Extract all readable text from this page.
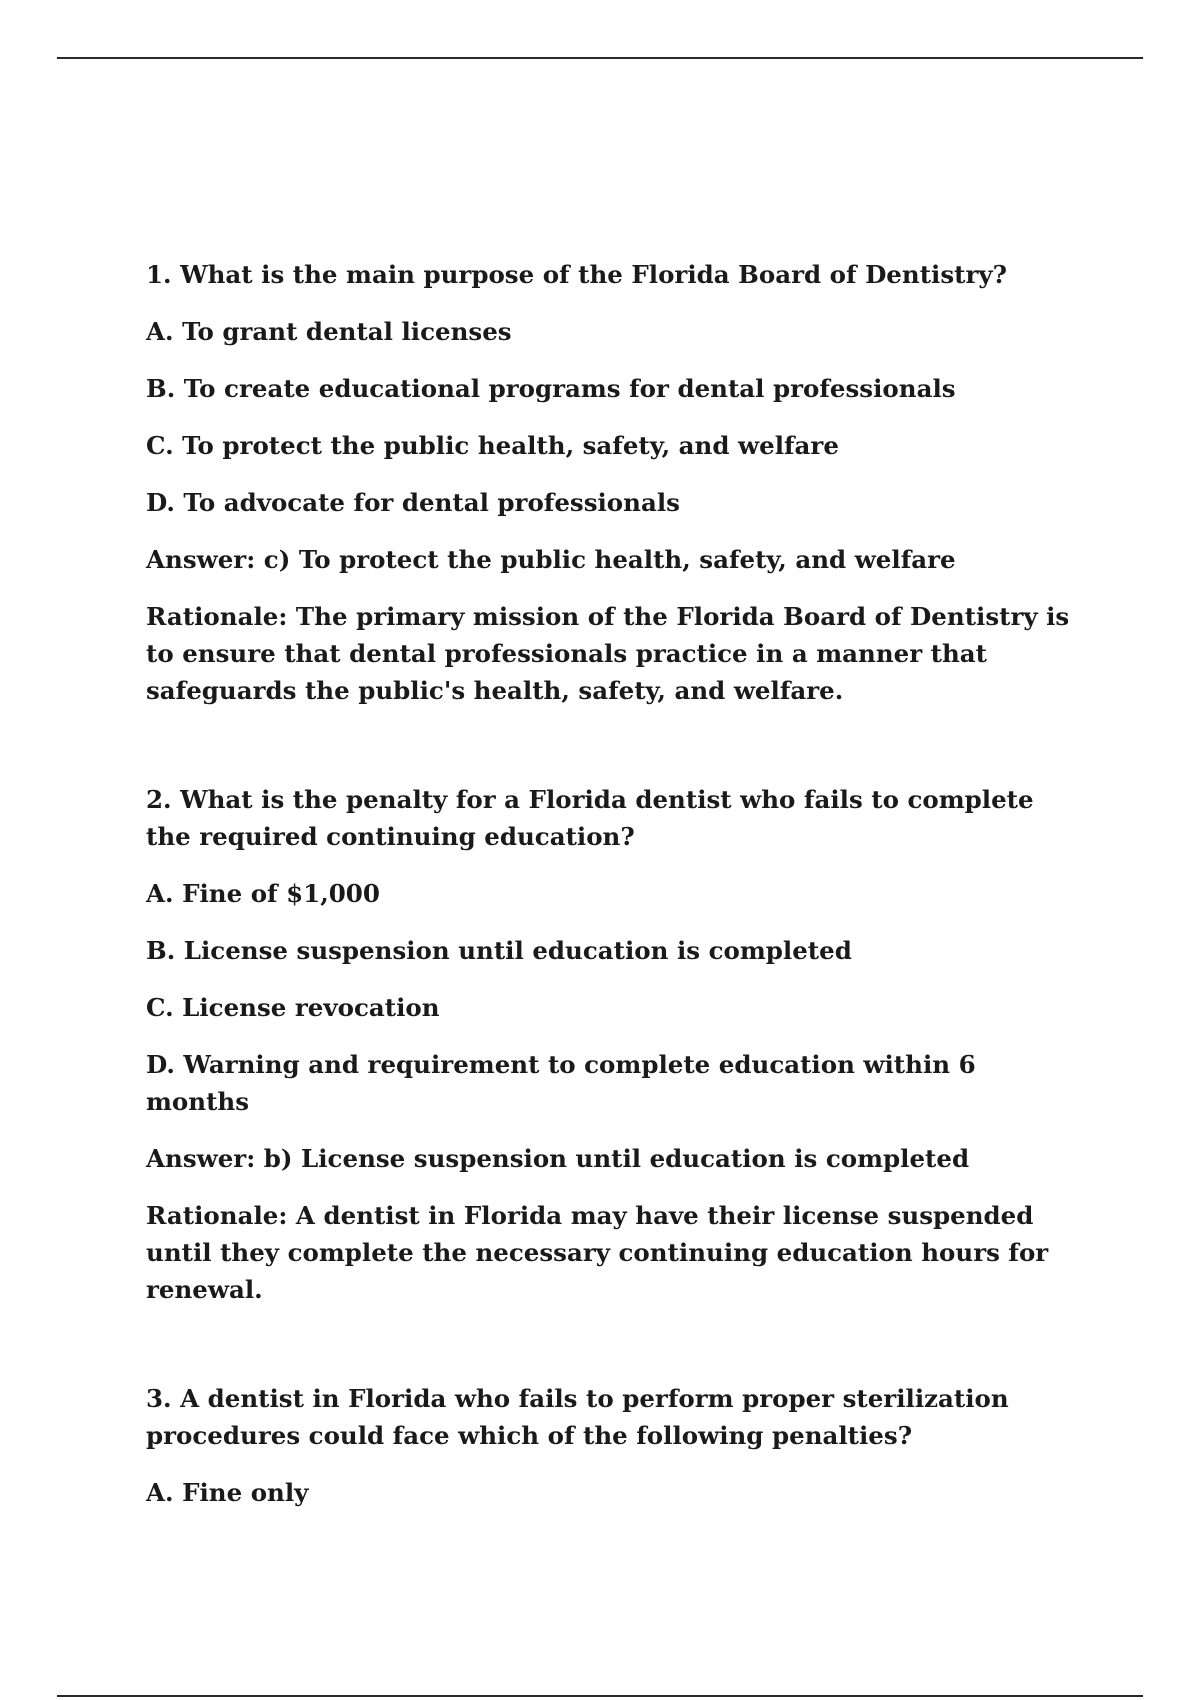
1. What is the main purpose of the Florida Board of Dentistry?

A. To grant dental licenses

B. To create educational programs for dental professionals

C. To protect the public health, safety, and welfare

D. To advocate for dental professionals

Answer: c) To protect the public health, safety, and welfare

Rationale: The primary mission of the Florida Board of Dentistry is to ensure that dental professionals practice in a manner that safeguards the public's health, safety, and welfare.

2. What is the penalty for a Florida dentist who fails to complete the required continuing education?

A. Fine of $1,000

B. License suspension until education is completed

C. License revocation

D. Warning and requirement to complete education within 6 months

Answer: b) License suspension until education is completed

Rationale: A dentist in Florida may have their license suspended until they complete the necessary continuing education hours for renewal.

3. A dentist in Florida who fails to perform proper sterilization procedures could face which of the following penalties?

A. Fine only
